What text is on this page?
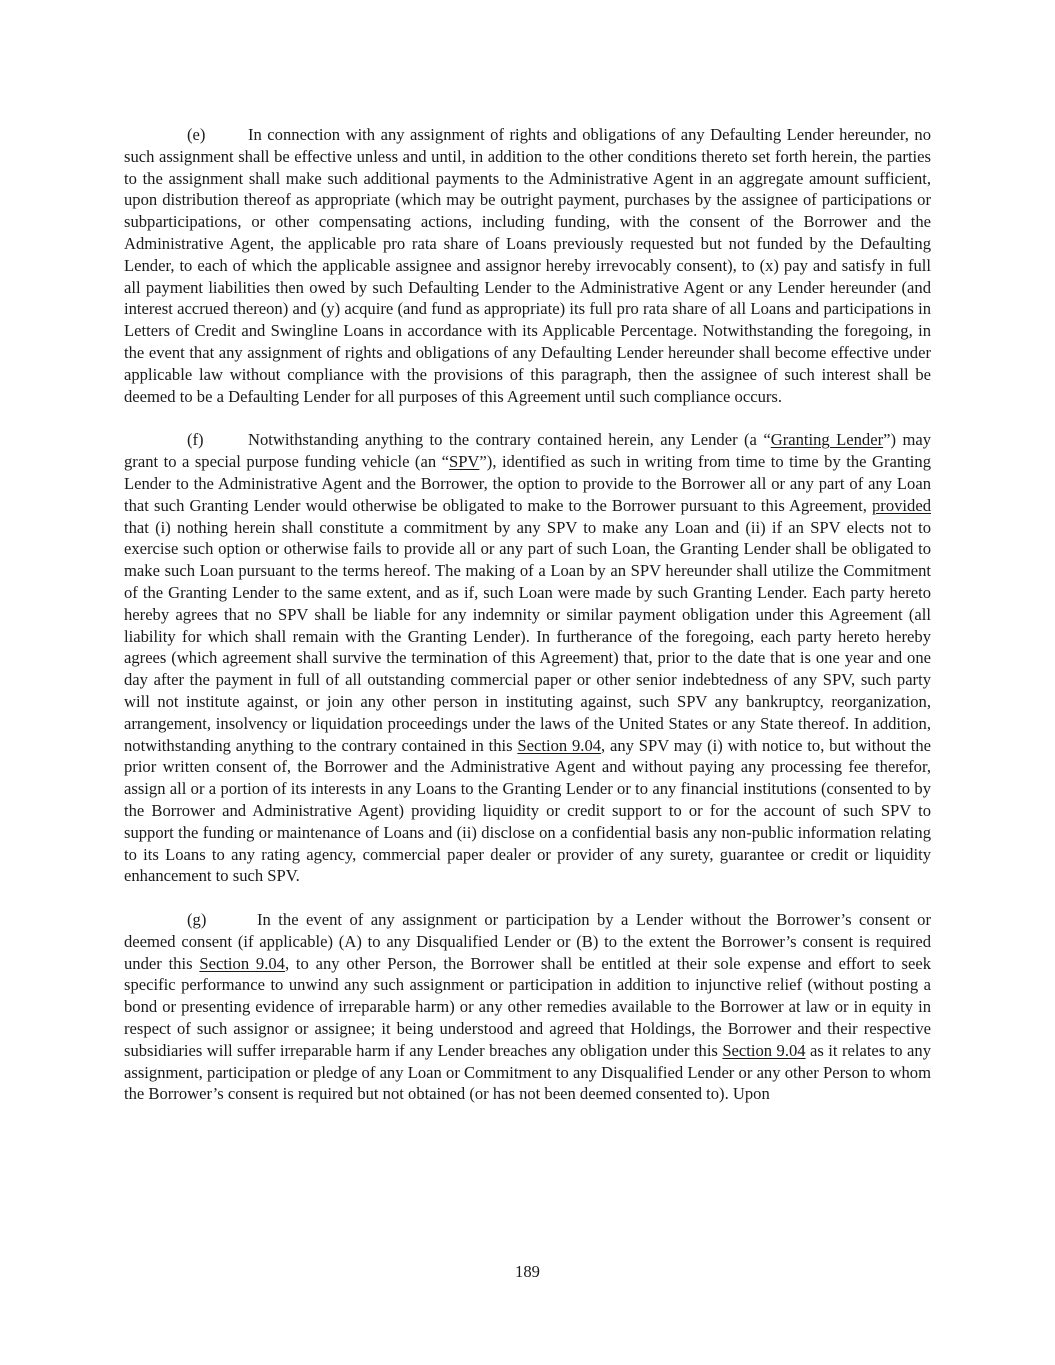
(e)	In connection with any assignment of rights and obligations of any Defaulting Lender hereunder, no such assignment shall be effective unless and until, in addition to the other conditions thereto set forth herein, the parties to the assignment shall make such additional payments to the Administrative Agent in an aggregate amount sufficient, upon distribution thereof as appropriate (which may be outright payment, purchases by the assignee of participations or subparticipations, or other compensating actions, including funding, with the consent of the Borrower and the Administrative Agent, the applicable pro rata share of Loans previously requested but not funded by the Defaulting Lender, to each of which the applicable assignee and assignor hereby irrevocably consent), to (x) pay and satisfy in full all payment liabilities then owed by such Defaulting Lender to the Administrative Agent or any Lender hereunder (and interest accrued thereon) and (y) acquire (and fund as appropriate) its full pro rata share of all Loans and participations in Letters of Credit and Swingline Loans in accordance with its Applicable Percentage. Notwithstanding the foregoing, in the event that any assignment of rights and obligations of any Defaulting Lender hereunder shall become effective under applicable law without compliance with the provisions of this paragraph, then the assignee of such interest shall be deemed to be a Defaulting Lender for all purposes of this Agreement until such compliance occurs.

(f)	Notwithstanding anything to the contrary contained herein, any Lender (a “Granting Lender”) may grant to a special purpose funding vehicle (an “SPV”), identified as such in writing from time to time by the Granting Lender to the Administrative Agent and the Borrower, the option to provide to the Borrower all or any part of any Loan that such Granting Lender would otherwise be obligated to make to the Borrower pursuant to this Agreement, provided that (i) nothing herein shall constitute a commitment by any SPV to make any Loan and (ii) if an SPV elects not to exercise such option or otherwise fails to provide all or any part of such Loan, the Granting Lender shall be obligated to make such Loan pursuant to the terms hereof. The making of a Loan by an SPV hereunder shall utilize the Commitment of the Granting Lender to the same extent, and as if, such Loan were made by such Granting Lender. Each party hereto hereby agrees that no SPV shall be liable for any indemnity or similar payment obligation under this Agreement (all liability for which shall remain with the Granting Lender). In furtherance of the foregoing, each party hereto hereby agrees (which agreement shall survive the termination of this Agreement) that, prior to the date that is one year and one day after the payment in full of all outstanding commercial paper or other senior indebtedness of any SPV, such party will not institute against, or join any other person in instituting against, such SPV any bankruptcy, reorganization, arrangement, insolvency or liquidation proceedings under the laws of the United States or any State thereof. In addition, notwithstanding anything to the contrary contained in this Section 9.04, any SPV may (i) with notice to, but without the prior written consent of, the Borrower and the Administrative Agent and without paying any processing fee therefor, assign all or a portion of its interests in any Loans to the Granting Lender or to any financial institutions (consented to by the Borrower and Administrative Agent) providing liquidity or credit support to or for the account of such SPV to support the funding or maintenance of Loans and (ii) disclose on a confidential basis any non-public information relating to its Loans to any rating agency, commercial paper dealer or provider of any surety, guarantee or credit or liquidity enhancement to such SPV.

(g)	In the event of any assignment or participation by a Lender without the Borrower’s consent or deemed consent (if applicable) (A) to any Disqualified Lender or (B) to the extent the Borrower’s consent is required under this Section 9.04, to any other Person, the Borrower shall be entitled at their sole expense and effort to seek specific performance to unwind any such assignment or participation in addition to injunctive relief (without posting a bond or presenting evidence of irreparable harm) or any other remedies available to the Borrower at law or in equity in respect of such assignor or assignee; it being understood and agreed that Holdings, the Borrower and their respective subsidiaries will suffer irreparable harm if any Lender breaches any obligation under this Section 9.04 as it relates to any assignment, participation or pledge of any Loan or Commitment to any Disqualified Lender or any other Person to whom the Borrower’s consent is required but not obtained (or has not been deemed consented to). Upon

189
